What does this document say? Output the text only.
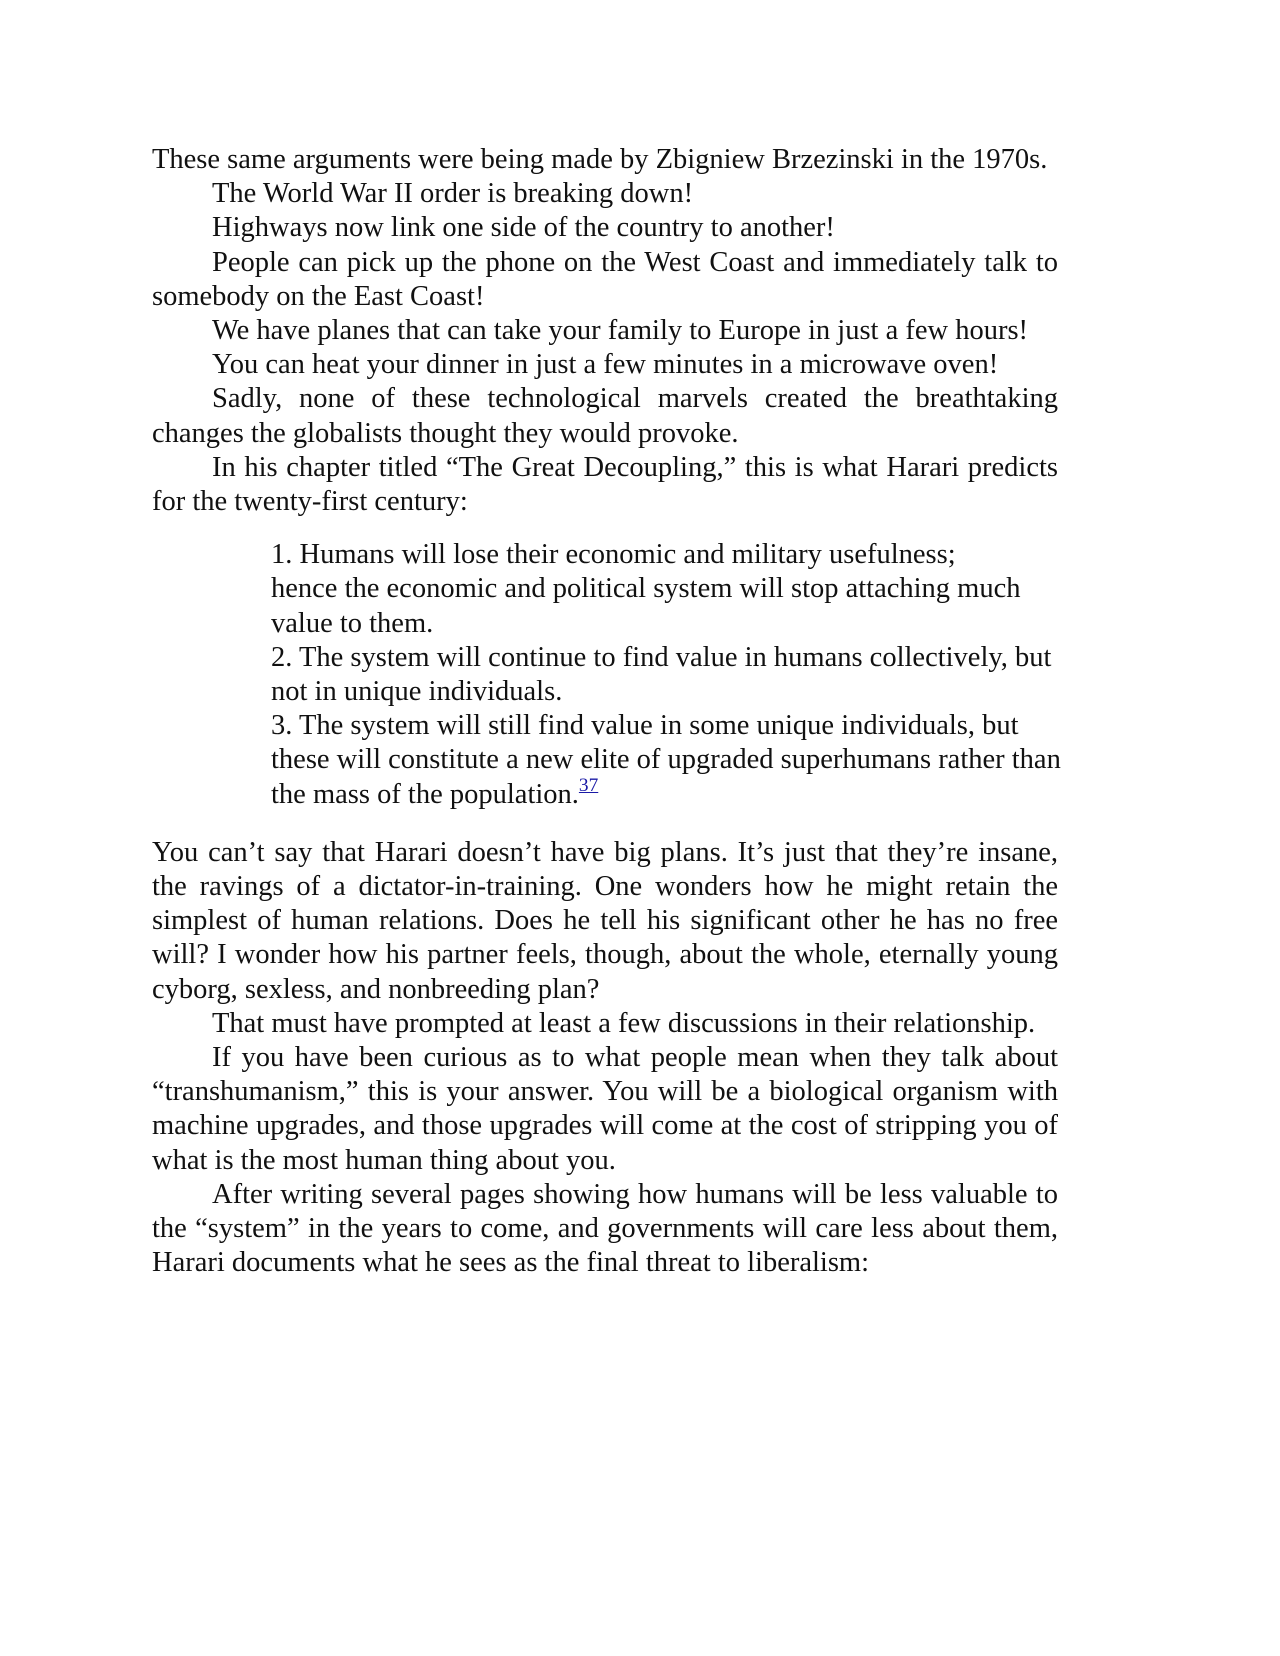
These same arguments were being made by Zbigniew Brzezinski in the 1970s.

The World War II order is breaking down!

Highways now link one side of the country to another!

People can pick up the phone on the West Coast and immediately talk to somebody on the East Coast!

We have planes that can take your family to Europe in just a few hours!

You can heat your dinner in just a few minutes in a microwave oven!

Sadly, none of these technological marvels created the breathtaking changes the globalists thought they would provoke.

In his chapter titled “The Great Decoupling,” this is what Harari predicts for the twenty-first century:

1. Humans will lose their economic and military usefulness;
hence the economic and political system will stop attaching much value to them.

2. The system will continue to find value in humans collectively, but not in unique individuals.

3. The system will still find value in some unique individuals, but these will constitute a new elite of upgraded superhumans rather than the mass of the population.$^{37}$

You can’t say that Harari doesn’t have big plans. It’s just that they’re insane, the ravings of a dictator-in-training. One wonders how he might retain the simplest of human relations. Does he tell his significant other he has no free will? I wonder how his partner feels, though, about the whole, eternally young cyborg, sexless, and nonbreeding plan?

That must have prompted at least a few discussions in their relationship.

If you have been curious as to what people mean when they talk about “transhumanism,” this is your answer. You will be a biological organism with machine upgrades, and those upgrades will come at the cost of stripping you of what is the most human thing about you.

After writing several pages showing how humans will be less valuable to the “system” in the years to come, and governments will care less about them, Harari documents what he sees as the final threat to liberalism:
